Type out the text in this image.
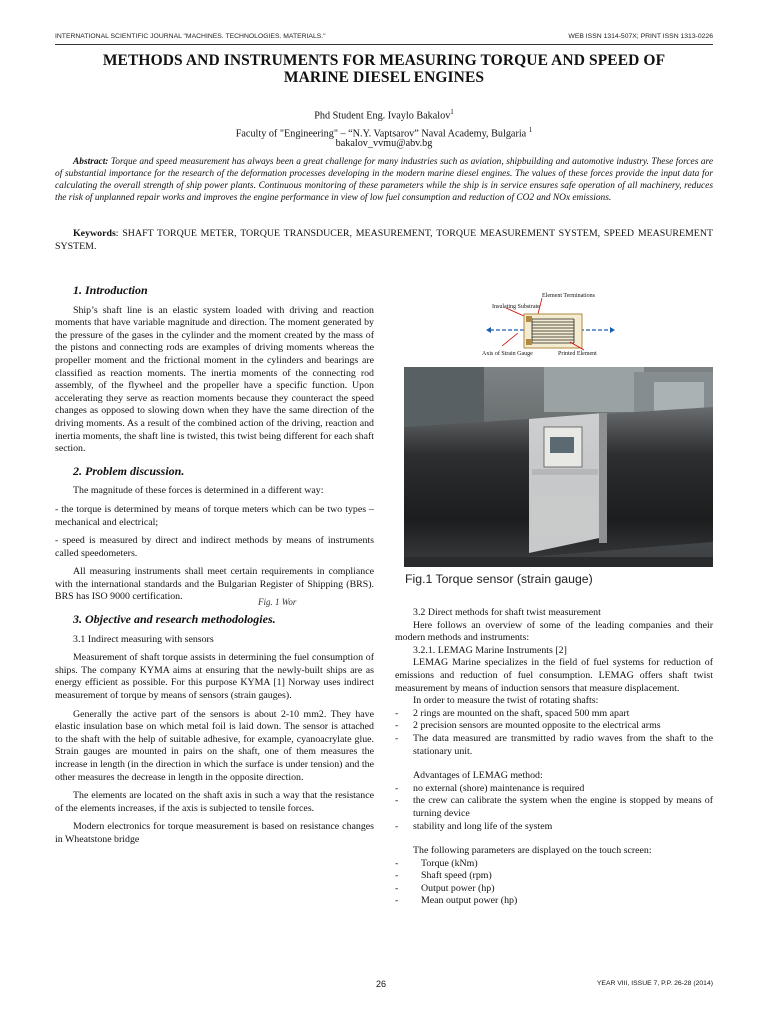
INTERNATIONAL SCIENTIFIC JOURNAL "MACHINES. TECHNOLOGIES. MATERIALS."	WEB ISSN 1314-507X; PRINT ISSN 1313-0226
METHODS AND INSTRUMENTS FOR MEASURING TORQUE AND SPEED OF
MARINE DIESEL ENGINES
Phd Student Eng. Ivaylo Bakalov$^1$
Faculty of "Engineering" – “N.Y. Vaptsarov” Naval Academy, Bulgaria $^1$
bakalov_vvmu@abv.bg
Abstract: Torque and speed measurement has always been a great challenge for many industries such as aviation, shipbuilding and automotive industry. These forces are of substantial importance for the research of the deformation processes developing in the modern marine diesel engines. The values of these forces provide the input data for calculating the overall strength of ship power plants. Continuous monitoring of these parameters while the ship is in service ensures safe operation of all machinery, reduces the risk of unplanned repair works and improves the engine performance in view of low fuel consumption and reduction of CO2 and NOx emissions.
Keywords: SHAFT TORQUE METER, TORQUE TRANSDUCER, MEASUREMENT, TORQUE MEASUREMENT SYSTEM, SPEED MEASUREMENT SYSTEM.
1. Introduction

Ship’s shaft line is an elastic system loaded with driving and reaction moments that have variable magnitude and direction. The moment generated by the pressure of the gases in the cylinder and the moment created by the mass of the pistons and connecting rods are examples of driving moments whereas the propeller moment and the frictional moment in the cylinders and bearings are classified as reaction moments. The inertia moments of the connecting rod assembly, of the flywheel and the propeller have a specific function. Upon accelerating they serve as reaction moments because they counteract the speed changes as opposed to slowing down when they have the same direction of the driving moments. As a result of the combined action of the driving, reaction and inertia moments, the shaft line is twisted, this twist being different for each shaft section.

2. Problem discussion.

The magnitude of these forces is determined in a different way:

- the torque is determined by means of torque meters which can be two types – mechanical and electrical;

- speed is measured by direct and indirect methods by means of instruments called speedometers.

All measuring instruments shall meet certain requirements in compliance with the international standards and the Bulgarian Register of Shipping (BRS). BRS has ISO 9000 certification.

3. Objective and research methodologies.

3.1 Indirect measuring with sensors

Measurement of shaft torque assists in determining the fuel consumption of ships. The company KYMA aims at ensuring that the newly-built ships are as energy efficient as possible. For this purpose KYMA [1] Norway uses indirect measurement of torque by means of sensors (strain gauges).

Generally the active part of the sensors is about 2-10 mm2. They have elastic insulation base on which metal foil is laid down. The sensor is attached to the shaft with the help of suitable adhesive, for example, cyanoacrylate glue. Strain gauges are mounted in pairs on the shaft, one of them measures the increase in length (in the direction in which the surface is under tension) and the other measures the decrease in length in the opposite direction.

The elements are located on the shaft axis in such a way that the resistance of the elements increases, if the axis is subjected to tensile forces.

Modern electronics for torque measurement is based on resistance changes in Wheatstone bridge

Fig. 1 Wor
Element Terminations
Insulating Substrate
Axis of Strain Gauge	Printed Element
Fig.1 Torque sensor (strain gauge)

3.2 Direct methods for shaft twist measurement

Here follows an overview of some of the leading companies and their modern methods and instruments:

3.2.1. LEMAG Marine Instruments [2]

LEMAG Marine specializes in the field of fuel systems for reduction of emissions and reduction of fuel consumption. LEMAG offers shaft twist measurement by means of induction sensors that measure displacement.

In order to measure the twist of rotating shafts:

-	2 rings are mounted on the shaft, spaced 500 mm apart
-	2 precision sensors are mounted opposite to the electrical arms
-	The data measured are transmitted by radio waves from the shaft to the stationary unit.

Advantages of LEMAG method:

-	no external (shore) maintenance is required
-	the crew can calibrate the system when the engine is stopped by means of turning device
-	stability and long life of the system

The following parameters are displayed on the touch screen:

-	Torque (kNm)
-	Shaft speed (rpm)
-	Output power (hp)
-	Mean output power (hp)
26	YEAR VIII, ISSUE 7, P.P. 26-28 (2014)
